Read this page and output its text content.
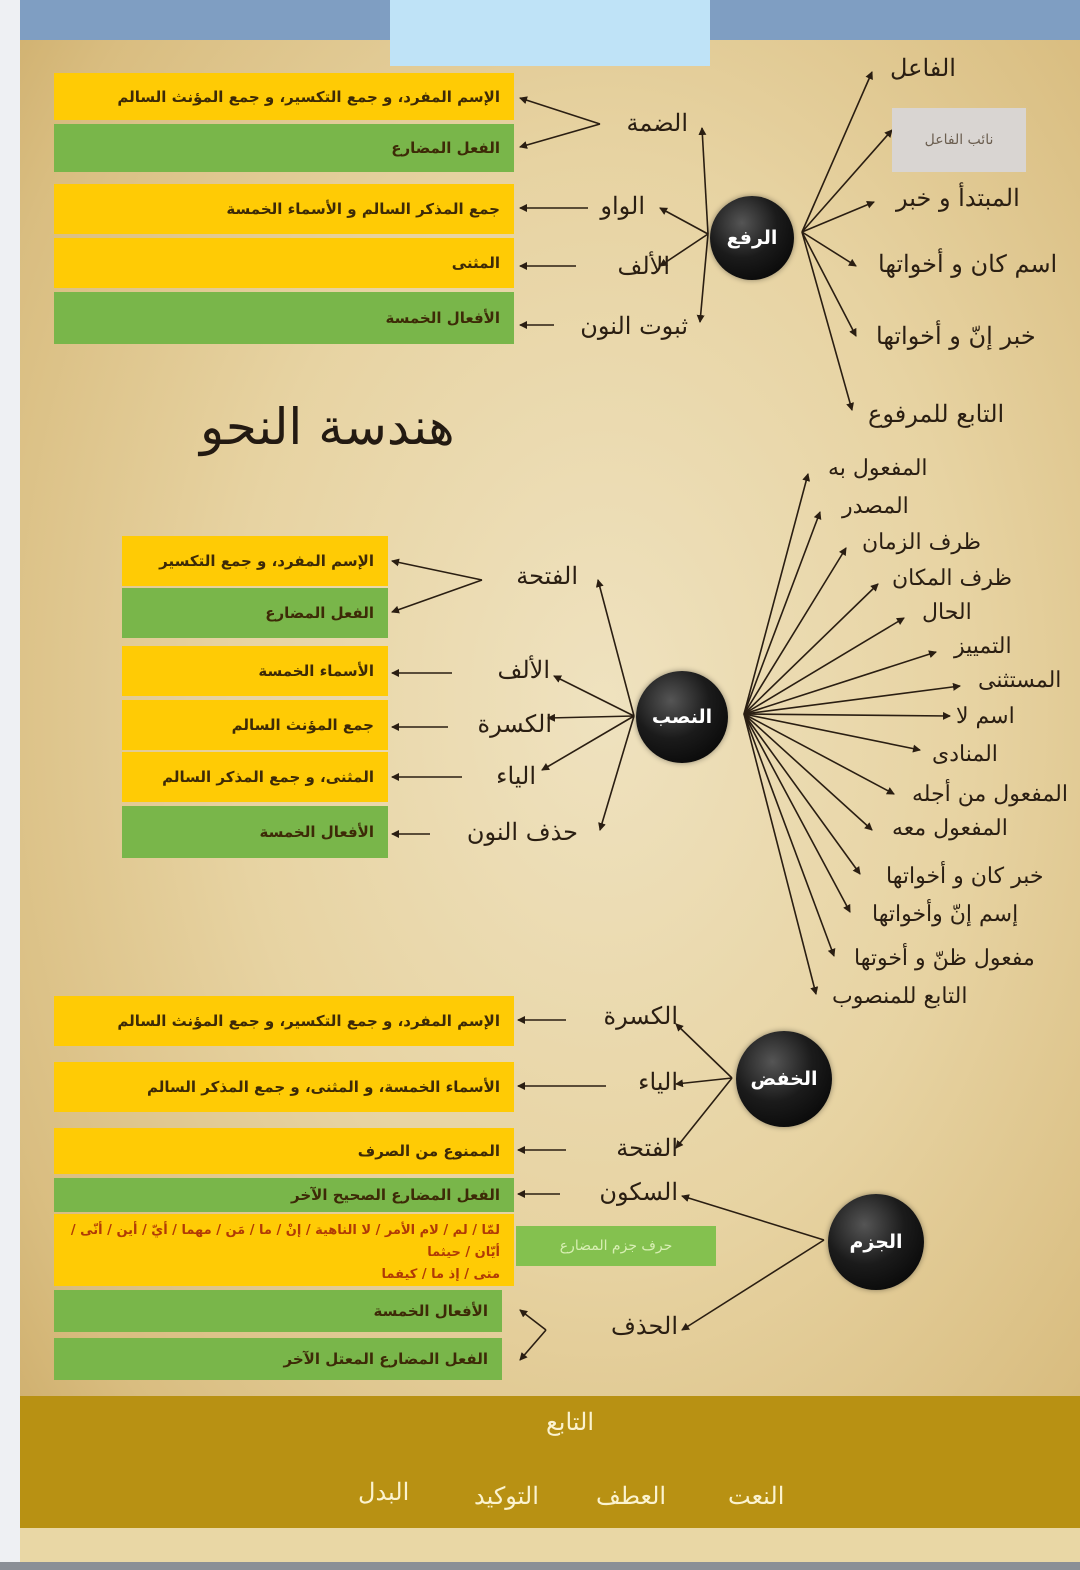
هندسة النحو
الإسم المفرد، و جمع التكسير، و جمع المؤنث السالم
الفعل المضارع
جمع المذكر السالم و الأسماء الخمسة
المثنى
الأفعال الخمسة
الضمة
الواو
الألف
ثبوت النون
الرفع
الفاعل
نائب الفاعل
المبتدأ و خبر
اسم كان و أخواتها
خبر إنّ و أخواتها
التابع للمرفوع
الإسم المفرد، و جمع التكسير
الفعل المضارع
الأسماء الخمسة
جمع المؤنث السالم
المثنى، و جمع المذكر السالم
الأفعال الخمسة
الفتحة
الألف
الكسرة
الياء
حذف النون
النصب
المفعول به
المصدر
ظرف الزمان
ظرف المكان
الحال
التمييز
المستثنى
اسم لا
المنادى
المفعول من أجله
المفعول معه
خبر كان و أخواتها
إسم إنّ وأخواتها
مفعول ظنّ و أخوتها
التابع للمنصوب
الإسم المفرد، و جمع التكسير، و جمع المؤنث السالم
الأسماء الخمسة، و المثنى، و جمع المذكر السالم
الممنوع من الصرف
الكسرة
الياء
الفتحة
الخفض
الفعل المضارع الصحيح الآخر
لمّا / لم / لام الأمر / لا الناهية / إنْ / ما / مَن / مهما / أيّ / أين / أنّى / أيّان / حيثما
متى / إذ ما / كيفما
حرف جزم المضارع
الأفعال الخمسة
الفعل المضارع المعتل الآخر
السكون
الحذف
الجزم
التابع
النعت
العطف
التوكيد
البدل
